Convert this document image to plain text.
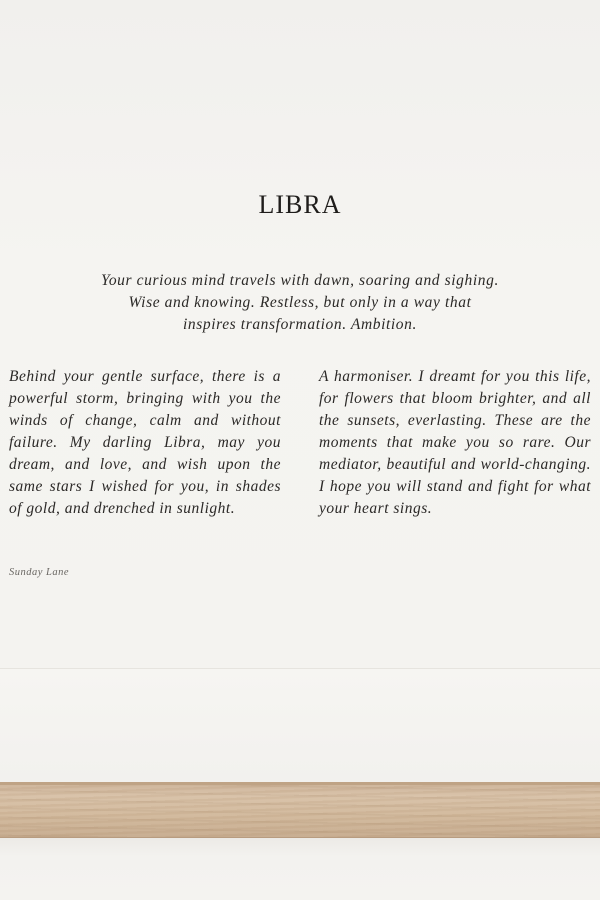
LIBRA

Your curious mind travels with dawn, soaring and sighing. Wise and knowing. Restless, but only in a way that inspires transformation. Ambition.

Behind your gentle surface, there is a powerful storm, bringing with you the winds of change, calm and without failure. My darling Libra, may you dream, and love, and wish upon the same stars I wished for you, in shades of gold, and drenched in sunlight.

A harmoniser. I dreamt for you this life, for flowers that bloom brighter, and all the sunsets, everlasting. These are the moments that make you so rare. Our mediator, beautiful and world-changing. I hope you will stand and fight for what your heart sings.

Sunday Lane
